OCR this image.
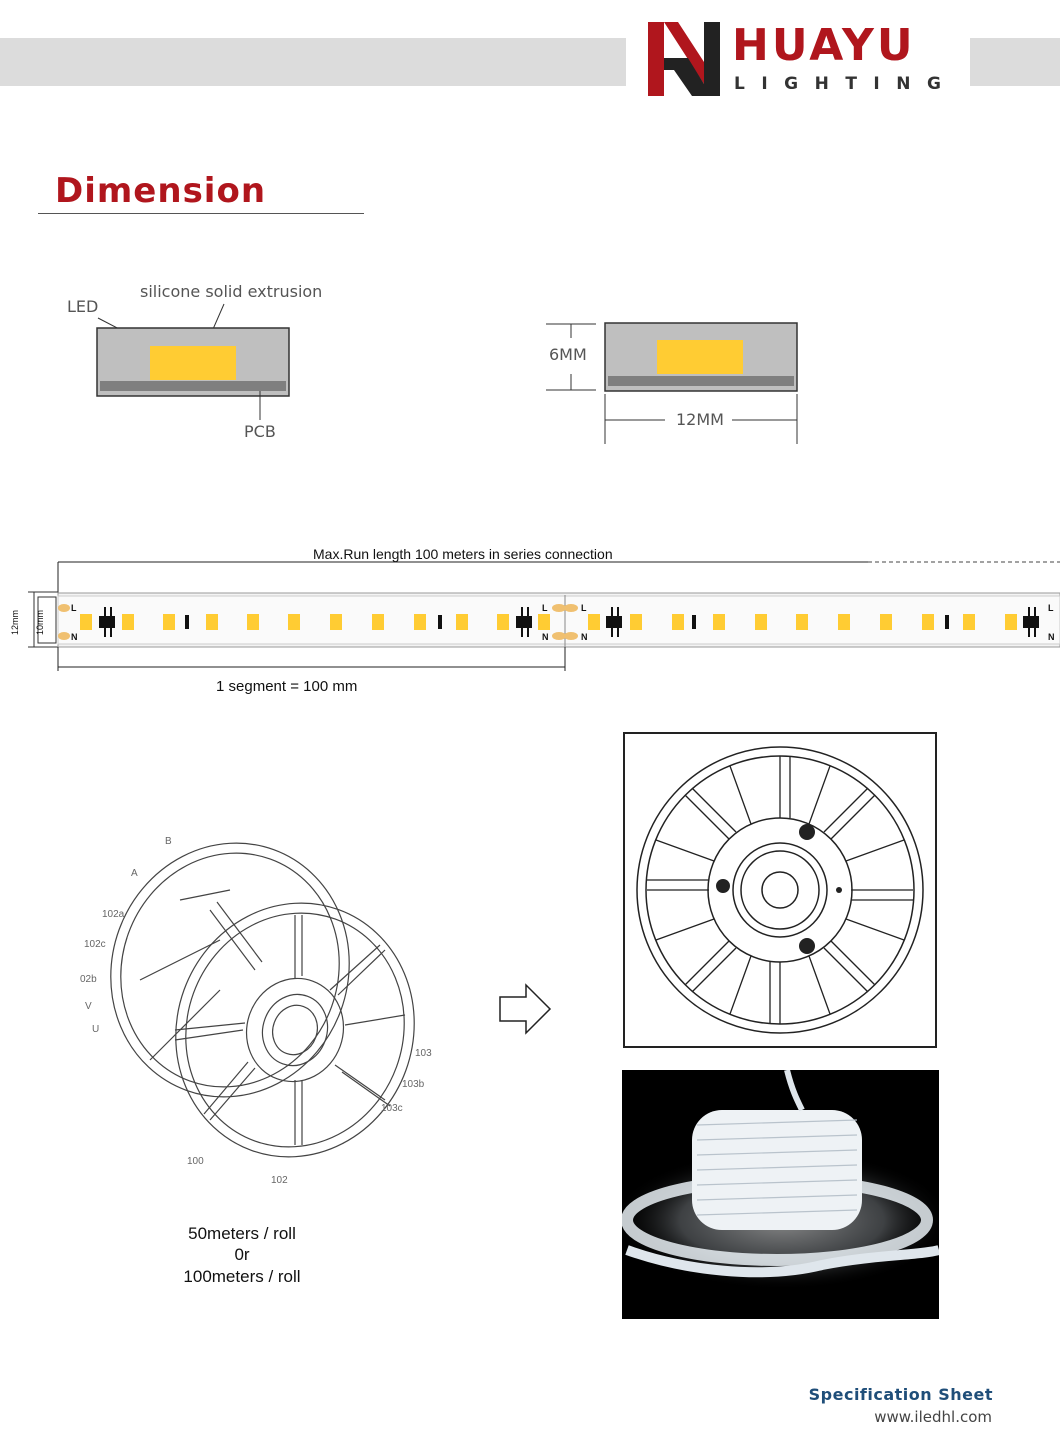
HUAYU
LIGHTING
Dimension
silicone solid extrusion
LED
PCB
6MM
12MM
Max.Run length 100 meters in series connection
1 segment = 100 mm
12mm	10mm
L
N
L
N
L
N
L
N
B
A
102a
102c
02b
V
U
103
103b
103c
100
102
50meters / roll
0r
100meters / roll
Specification Sheet
www.iledhl.com
